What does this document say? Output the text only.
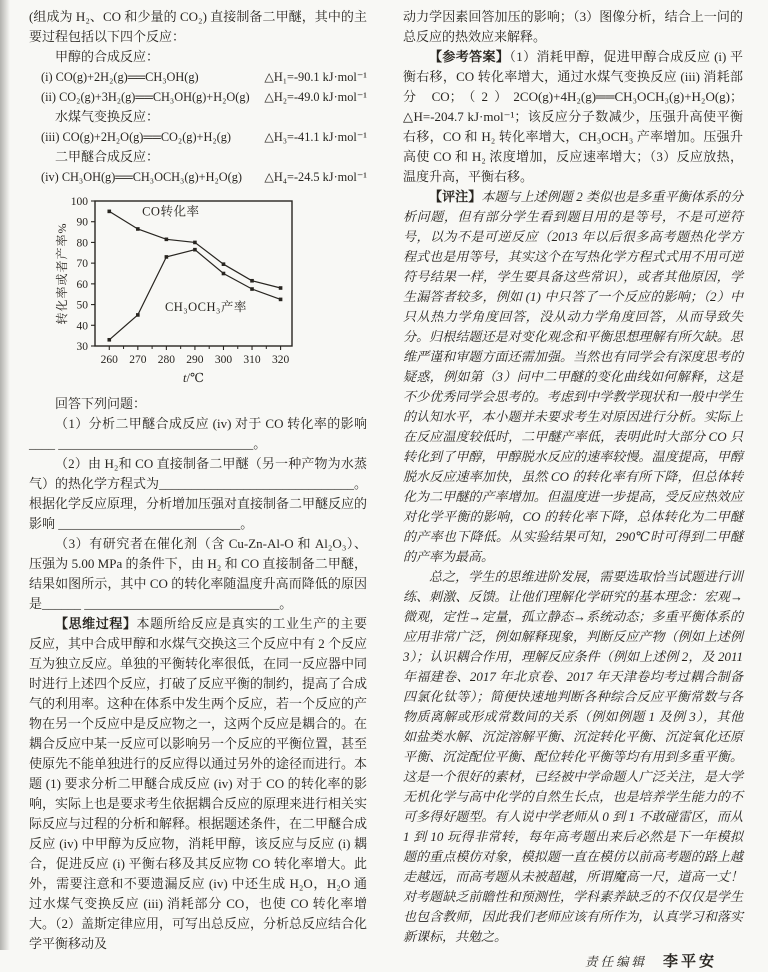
(组成为 H₂、CO 和少量的 CO₂) 直接制备二甲醚，其中的主要过程包括以下四个反应：

甲醇的合成反应：

(i) CO(g)+2H₂(g)══CH₃OH(g)	△H₁=-90.1 kJ·mol⁻¹
(ii) CO₂(g)+3H₂(g)══CH₃OH(g)+H₂O(g) △H₂=-49.0 kJ·mol⁻¹

水煤气变换反应：

(iii) CO(g)+2H₂O(g)══CO₂(g)+H₂(g)	△H₃=-41.1 kJ·mol⁻¹

二甲醚合成反应：

(iv) CH₃OH(g)══CH₃OCH₃(g)+H₂O(g) △H₄=-24.5 kJ·mol⁻¹
30
40
50
60
70
80
90
100
260 270 280 290 300 310 320
CO转化率
CH₃OCH₃产率
t/℃
转化率或者产率%

回答下列问题：

（1）分析二甲醚合成反应 (iv) 对于 CO 转化率的影响____ ______________________________。

（2）由 H₂和 CO 直接制备二甲醚（另一种产物为水蒸气）的热化学方程式为______________________________。根据化学反应原理，分析增加压强对直接制备二甲醚反应的影响 ____________________________。

（3）有研究者在催化剂（含 Cu-Zn-Al-O 和 Al₂O₃）、压强为 5.00 MPa 的条件下，由 H₂ 和 CO 直接制备二甲醚，结果如图所示，其中 CO 的转化率随温度升高而降低的原因是______ ______________________________。

【思维过程】本题所给反应是真实的工业生产的主要反应，其中合成甲醇和水煤气交换这三个反应中有 2 个反应互为独立反应。单独的平衡转化率很低，在同一反应器中同时进行上述四个反应，打破了反应平衡的制约，提高了合成气的利用率。这种在体系中发生两个反应，若一个反应的产物在另一个反应中是反应物之一，这两个反应是耦合的。在耦合反应中某一反应可以影响另一个反应的平衡位置，甚至使原先不能单独进行的反应得以通过另外的途径而进行。本题 (1) 要求分析二甲醚合成反应 (iv) 对于 CO 的转化率的影响，实际上也是要求考生依据耦合反应的原理来进行相关实际反应与过程的分析和解释。根据题述条件，在二甲醚合成反应 (iv) 中甲醇为反应物，消耗甲醇，该反应与反应 (i) 耦合，促进反应 (i) 平衡右移及其反应物 CO 转化率增大。此外，需要注意和不要遗漏反应 (iv) 中还生成 H₂O，H₂O 通过水煤气变换反应 (iii) 消耗部分 CO，也使 CO 转化率增大。（2）盖斯定律应用，可写出总反应，分析总反应结合化学平衡移动及

动力学因素回答加压的影响；（3）图像分析，结合上一问的总反应的热效应来解释。

【参考答案】（1）消耗甲醇，促进甲醇合成反应 (i) 平衡右移，CO 转化率增大，通过水煤气变换反应 (iii) 消耗部分 CO；（2）2CO(g)+4H₂(g)══CH₃OCH₃(g)+H₂O(g)；△H=-204.7 kJ·mol⁻¹；该反应分子数减少，压强升高使平衡右移，CO 和 H₂ 转化率增大，CH₃OCH₃ 产率增加。压强升高使 CO 和 H₂ 浓度增加，反应速率增大；（3）反应放热，温度升高，平衡右移。

【评注】本题与上述例题 2 类似也是多重平衡体系的分析问题，但有部分学生看到题目用的是等号，不是可逆符号，以为不是可逆反应（2013 年以后很多高考题热化学方程式也是用等号，其实这个在写热化学方程式式用不用可逆符号结果一样，学生要具备这些常识），或者其他原因，学生漏答者较多，例如 (1) 中只答了一个反应的影响；（2）中只从热力学角度回答，没从动力学角度回答，从而导致失分。归根结题还是对变化观念和平衡思想理解有所欠缺。思维严谨和审题方面还需加强。当然也有同学会有深度思考的疑惑，例如第（3）问中二甲醚的变化曲线如何解释，这是不少优秀同学会思考的。考虑到中学教学现状和一般中学生的认知水平，本小题并未要求考生对原因进行分析。实际上在反应温度较低时，二甲醚产率低，表明此时大部分 CO 只转化到了甲醇，甲醇脱水反应的速率较慢。温度提高，甲醇脱水反应速率加快，虽然 CO 的转化率有所下降，但总体转化为二甲醚的产率增加。但温度进一步提高，受反应热效应对化学平衡的影响，CO 的转化率下降，总体转化为二甲醚的产率也下降低。从实验结果可知，290℃时可得到二甲醚的产率为最高。

总之，学生的思维进阶发展，需要选取恰当试题进行训练、刺激、反馈。让他们理解化学研究的基本理念：宏观→微观，定性→定量，孤立静态→系统动态；多重平衡体系的应用非常广泛，例如解释现象，判断反应产物（例如上述例3）；认识耦合作用，理解反应条件（例如上述例 2，及 2011年福建卷、2017 年北京卷、2017 年天津卷均考过耦合制备四氯化钛等）；简便快速地判断各种综合反应平衡常数与各物质离解或形成常数间的关系（例如例题 1 及例 3），其他如盐类水解、沉淀溶解平衡、沉淀转化平衡、沉淀氧化还原平衡、沉淀配位平衡、配位转化平衡等均有用到多重平衡。这是一个很好的素材，已经被中学命题人广泛关注，是大学无机化学与高中化学的自然生长点，也是培养学生能力的不可多得好题型。有人说中学老师从 0 到 1 不敢碰雷区，而从 1 到 10 玩得非常转，每年高考题出来后必然是下一年模拟题的重点模仿对象，模拟题一直在模仿以前高考题的路上越走越远，而高考题从未被超越，所谓魔高一尺，道高一丈！对考题缺乏前瞻性和预测性，学科素养缺乏的不仅仅是学生也包含教师，因此我们老师应该有所作为，认真学习和落实新课标，共勉之。

责任编辑 李平安
